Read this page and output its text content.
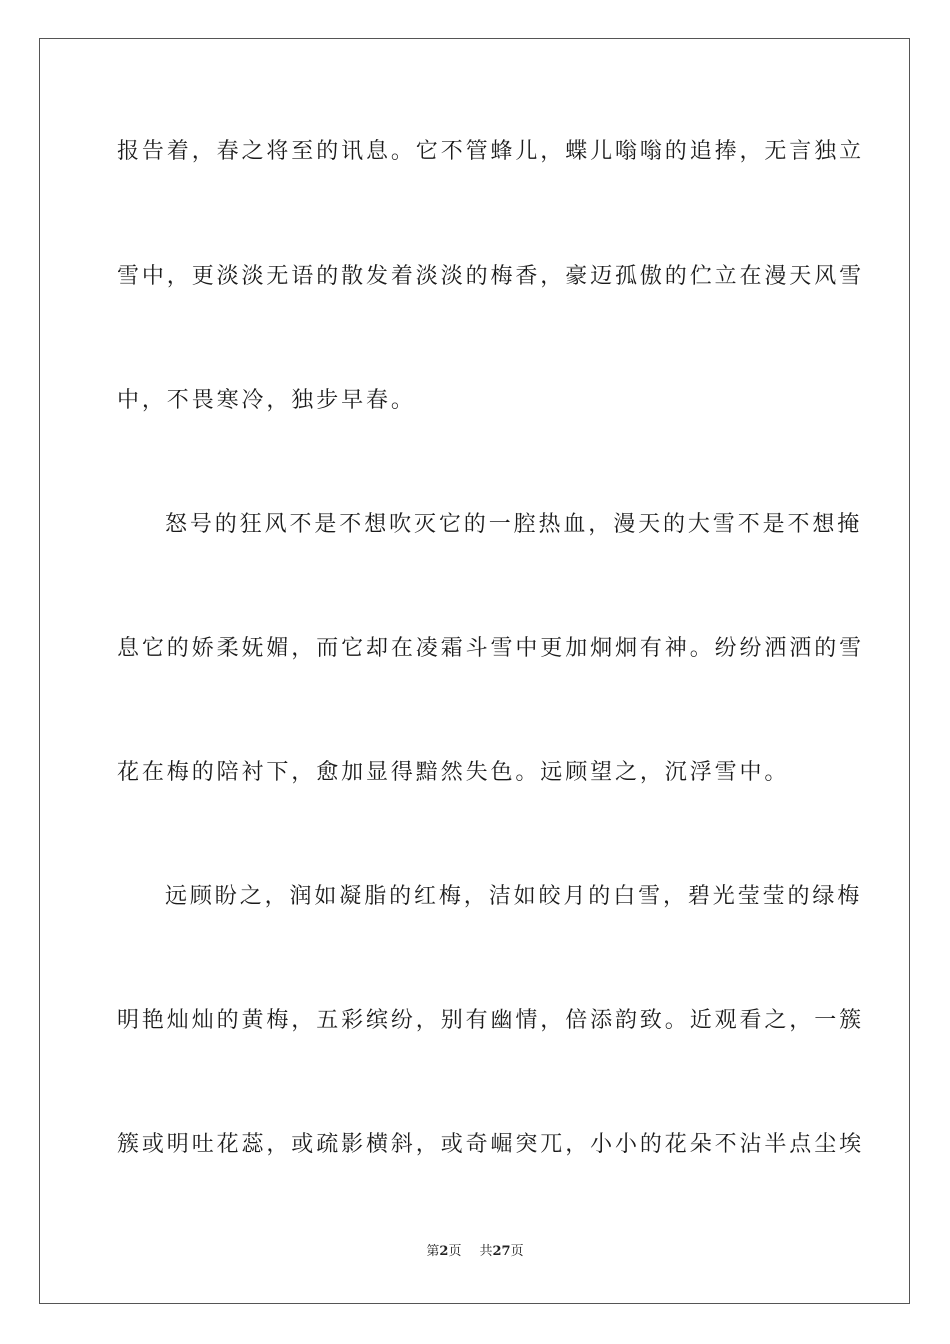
报告着，春之将至的讯息。它不管蜂儿，蝶儿嗡嗡的追捧，无言独立
雪中，更淡淡无语的散发着淡淡的梅香，豪迈孤傲的伫立在漫天风雪
中，不畏寒冷，独步早春。
怒号的狂风不是不想吹灭它的一腔热血，漫天的大雪不是不想掩
息它的娇柔妩媚，而它却在凌霜斗雪中更加炯炯有神。纷纷洒洒的雪
花在梅的陪衬下，愈加显得黯然失色。远顾望之，沉浮雪中。
远顾盼之，润如凝脂的红梅，洁如皎月的白雪，碧光莹莹的绿梅
明艳灿灿的黄梅，五彩缤纷，别有幽情，倍添韵致。近观看之，一簇
簇或明吐花蕊，或疏影横斜，或奇崛突兀，小小的花朵不沾半点尘埃
第2页 共27页
